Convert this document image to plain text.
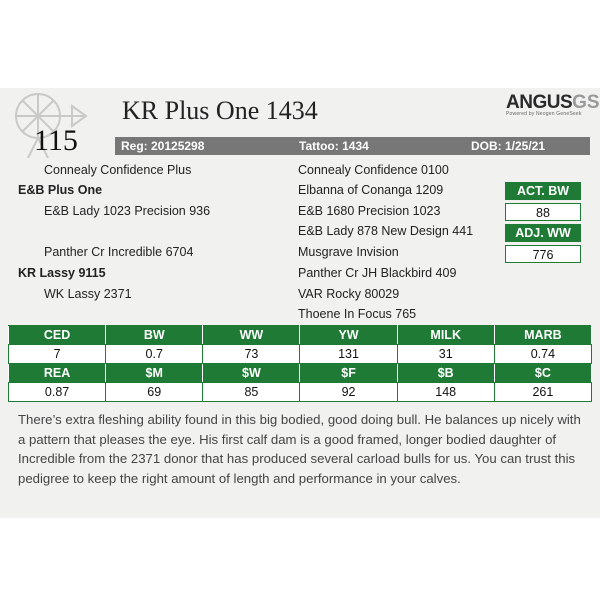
115
KR Plus One 1434	ANGUSGS
Powered by Neogen GeneSeek
Reg: 20125298	Tattoo: 1434	DOB: 1/25/21
Connealy Confidence Plus
E&B Plus One
E&B Lady 1023 Precision 936
Panther Cr Incredible 6704
KR Lassy 9115
WK Lassy 2371
Connealy Confidence 0100
Elbanna of Conanga 1209
E&B 1680 Precision 1023
E&B Lady 878 New Design 441
Musgrave Invision
Panther Cr JH Blackbird 409
VAR Rocky 80029
Thoene In Focus 765
ACT. BW
88
ADJ. WW
776
CED	BW	WW	YW	MILK	MARB
7	0.7	73	131	31	0.74
REA	$M	$W	$F	$B	$C
0.87	69	85	92	148	261
There’s extra fleshing ability found in this big bodied, good doing bull. He balances up nicely with a pattern that pleases the eye. His first calf dam is a good framed, longer bodied daughter of Incredible from the 2371 donor that has produced several carload bulls for us. You can trust this pedigree to keep the right amount of length and performance in your calves.
